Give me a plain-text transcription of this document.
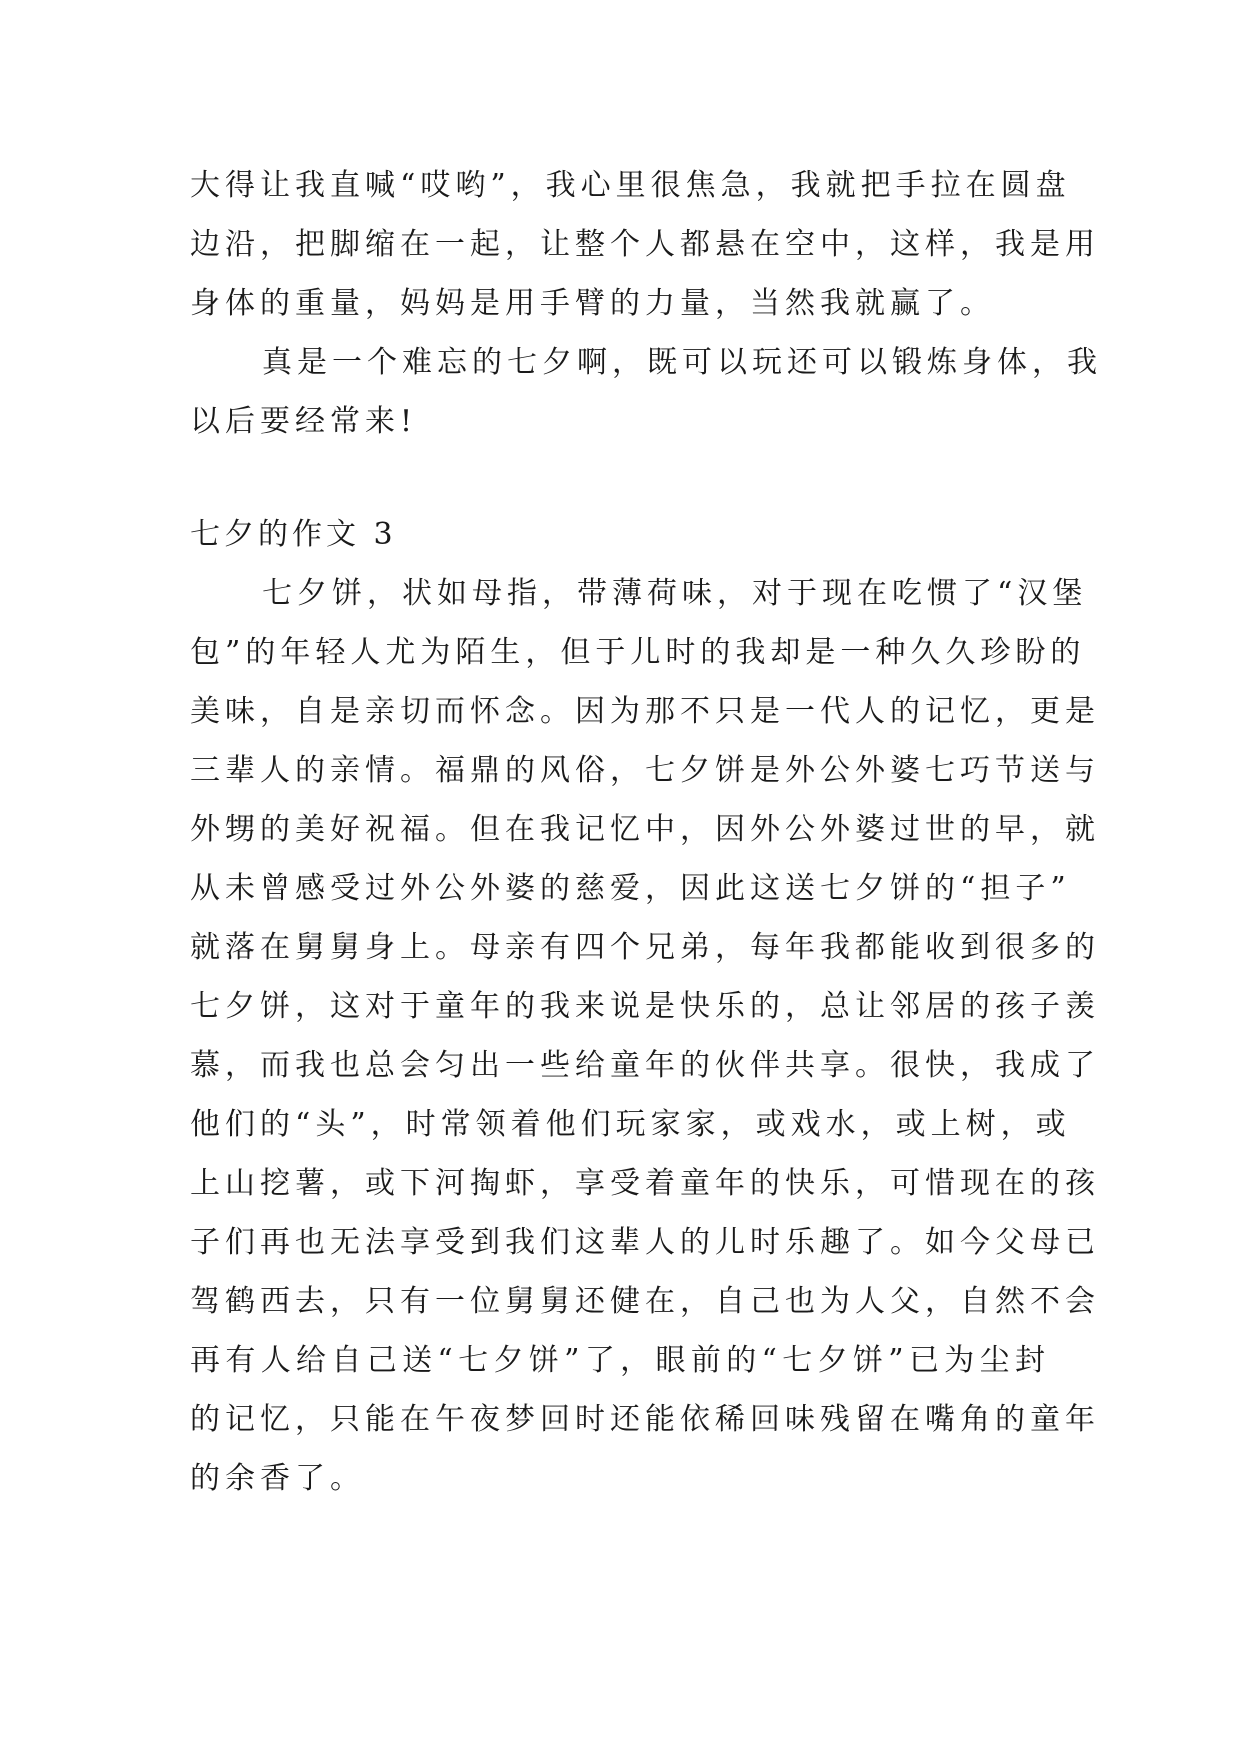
大得让我直喊“哎哟”，我心里很焦急，我就把手拉在圆盘
边沿，把脚缩在一起，让整个人都悬在空中，这样，我是用
身体的重量，妈妈是用手臂的力量，当然我就赢了。
真是一个难忘的七夕啊，既可以玩还可以锻炼身体，我
以后要经常来!
七夕的作文 3
七夕饼，状如母指，带薄荷味，对于现在吃惯了“汉堡
包”的年轻人尤为陌生，但于儿时的我却是一种久久珍盼的
美味，自是亲切而怀念。因为那不只是一代人的记忆，更是
三辈人的亲情。福鼎的风俗，七夕饼是外公外婆七巧节送与
外甥的美好祝福。但在我记忆中，因外公外婆过世的早，就
从未曾感受过外公外婆的慈爱，因此这送七夕饼的“担子”
就落在舅舅身上。母亲有四个兄弟，每年我都能收到很多的
七夕饼，这对于童年的我来说是快乐的，总让邻居的孩子羡
慕，而我也总会匀出一些给童年的伙伴共享。很快，我成了
他们的“头”，时常领着他们玩家家，或戏水，或上树，或
上山挖薯，或下河掏虾，享受着童年的快乐，可惜现在的孩
子们再也无法享受到我们这辈人的儿时乐趣了。如今父母已
驾鹤西去，只有一位舅舅还健在，自己也为人父，自然不会
再有人给自己送“七夕饼”了，眼前的“七夕饼”已为尘封
的记忆，只能在午夜梦回时还能依稀回味残留在嘴角的童年
的余香了。
